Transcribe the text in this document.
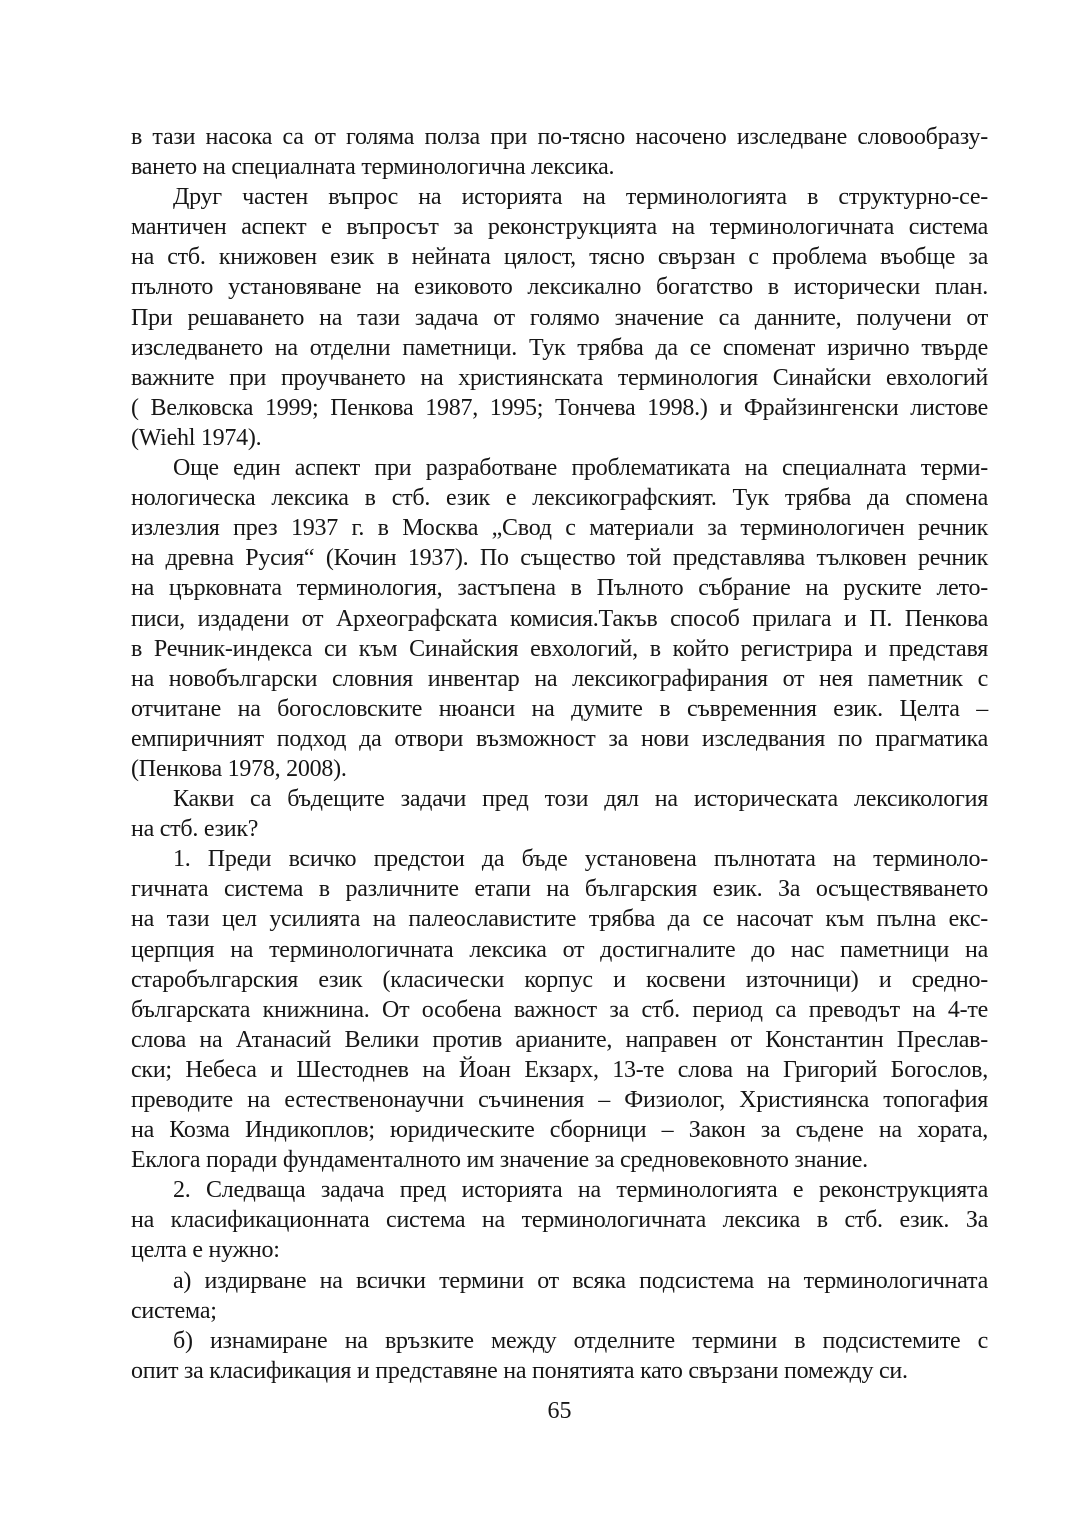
в тази насока са от голяма полза при по-тясно насочено изследване словообразу-
ването на специалната терминологична лексика.
Друг частен въпрос на историята на терминологията в структурно-се-
мантичен аспект е въпросът за реконструкцията на терминологичната система
на стб. книжовен език в нейната цялост, тясно свързан с проблема въобще за
пълното установяване на езиковото лексикално богатство в исторически план.
При решаването на тази задача от голямо значение са данните, получени от
изследването на отделни паметници. Тук трябва да се споменат изрично твърде
важните при проучването на християнската терминология Синайски евхологий
( Велковска 1999; Пенкова 1987, 1995; Тончева 1998.) и Фрайзингенски листове
(Wiehl 1974).
Още един аспект при разработване проблематиката на специалната терми-
нологическа лексика в стб. език е лексикографският. Тук трябва да спомена
излезлия през 1937 г. в Москва „Свод с материали за терминологичен речник
на древна Русия“ (Кочин 1937). По същество той представлява тълковен речник
на църковната терминология, застъпена в Пълното събрание на руските лето-
писи, издадени от Археографската комисия.Такъв способ прилага и П. Пенкова
в Речник-индекса си към Синайския евхологий, в който регистрира и представя
на новобългарски словния инвентар на лексикографирания от нея паметник с
отчитане на богословските нюанси на думите в съвременния език. Целта –
емпиричният подход да отвори възможност за нови изследвания по прагматика
(Пенкова 1978, 2008).
Какви са бъдещите задачи пред този дял на историческата лексикология
на стб. език?
1. Преди всичко предстои да бъде установена пълнотата на терминоло-
гичната система в различните етапи на българския език. За осъществяването
на тази цел усилията на палеославистите трябва да се насочат към пълна екс-
церпция на терминологичната лексика от достигналите до нас паметници на
старобългарския език (класически корпус и косвени източници) и средно-
българската книжнина. От особена важност за стб. период са преводът на 4-те
слова на Атанасий Велики против арианите, направен от Константин Преслав-
ски; Небеса и Шестоднев на Йоан Екзарх, 13-те слова на Григорий Богослов,
преводите на естественонаучни съчинения – Физиолог, Християнска топогафия
на Козма Индикоплов; юридическите сборници – Закон за съдене на хората,
Еклога поради фундаменталното им значение за средновековното знание.
2. Следваща задача пред историята на терминологията е реконструкцията
на класификационната система на терминологичната лексика в стб. език. За
целта е нужно:
а) издирване на всички термини от всяка подсистема на терминологичната
система;
б) изнамиране на връзките между отделните термини в подсистемите с
опит за класификация и представяне на понятията като свързани помежду си.
65
